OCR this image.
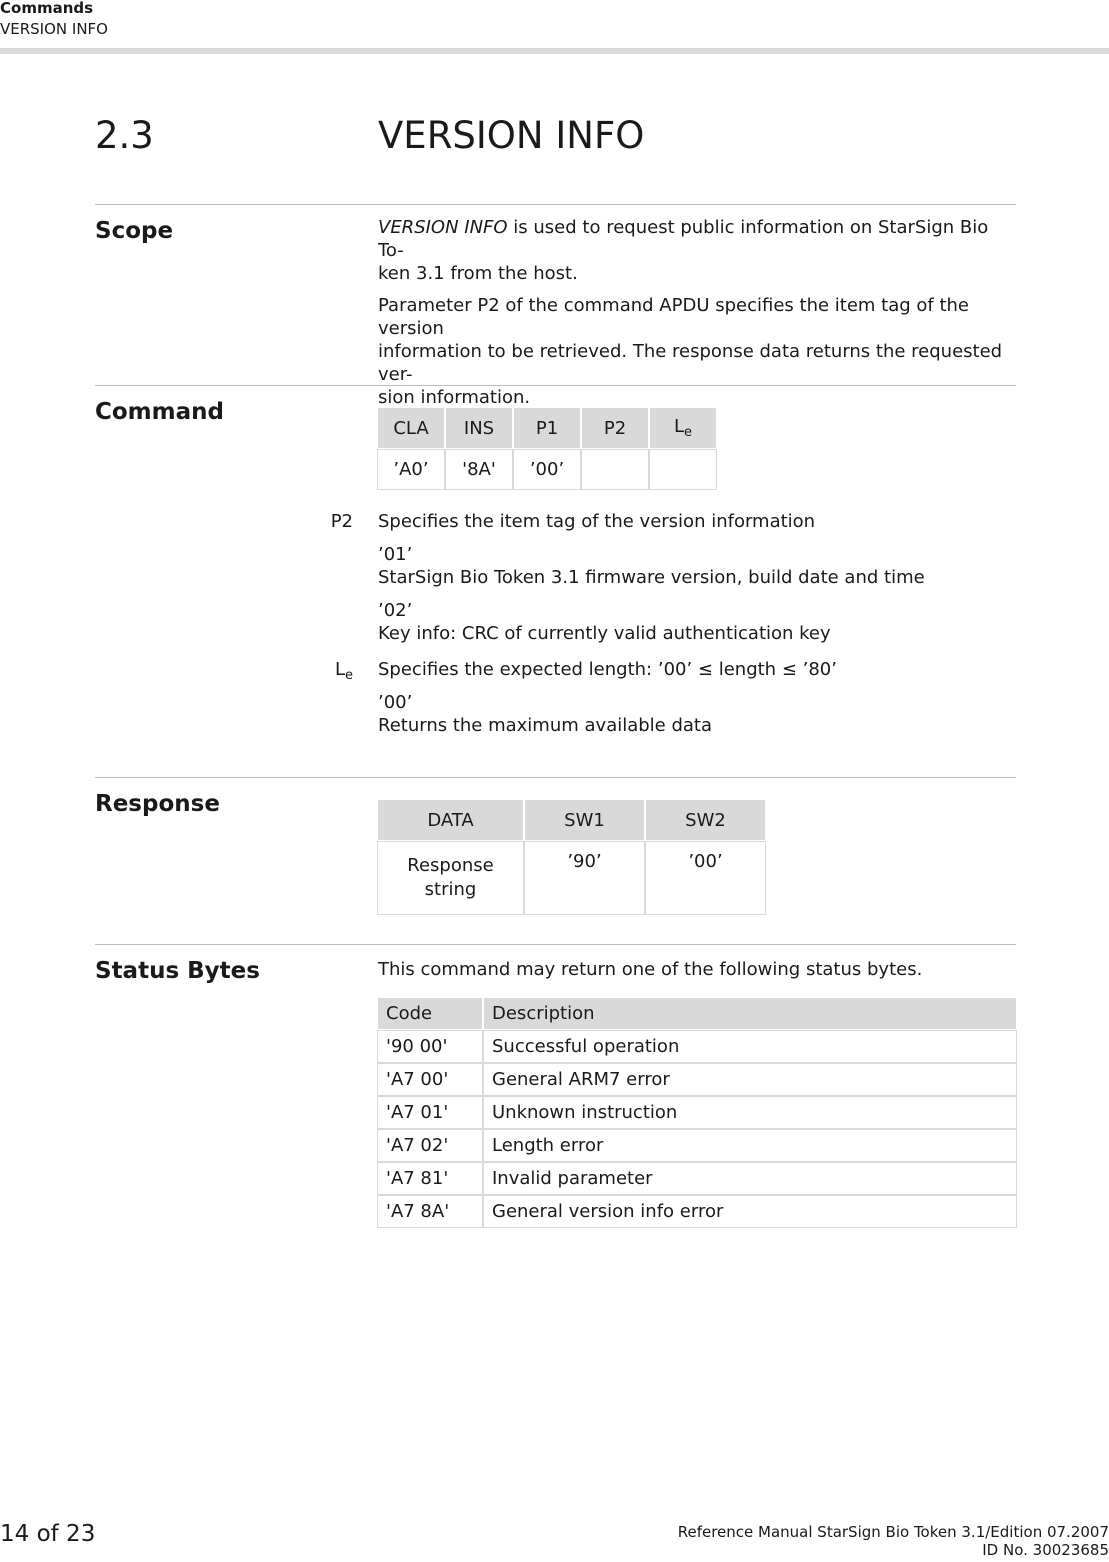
Commands
VERSION INFO
2.3	VERSION INFO
Scope	VERSION INFO is used to request public information on StarSign Bio To-
ken 3.1 from the host.

Parameter P2 of the command APDU specifies the item tag of the version
information to be retrieved. The response data returns the requested ver-
sion information.

Command
CLA	INS	P1	P2	$L_e$
’A0’	'8A'	’00’		
P2 Specifies the item tag of the version information
’01’
StarSign Bio Token 3.1 firmware version, build date and time
’02’
Key info: CRC of currently valid authentication key
$L_e$ Specifies the expected length: ’00’ ≤ length ≤ ’80’
’00’
Returns the maximum available data
Response
DATA	SW1	SW2
Response
string	’90’	’00’
Status Bytes	This command may return one of the following status bytes.
Code	Description
'90 00'	Successful operation
'A7 00'	General ARM7 error
'A7 01'	Unknown instruction
'A7 02'	Length error
'A7 81'	Invalid parameter
'A7 8A'	General version info error
14 of 23	Reference Manual StarSign Bio Token 3.1/Edition 07.2007
ID No. 30023685
